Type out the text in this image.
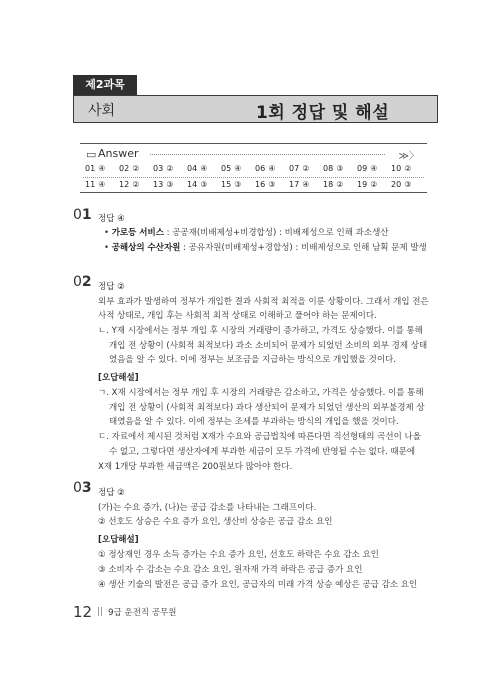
제2과목
사회	1회 정답 및 해설
▭ Answer	≫〉
01 ④ 02 ② 03 ② 04 ④ 05 ④ 06 ④ 07 ② 08 ③ 09 ④ 10 ②
11 ④ 12 ② 13 ③ 14 ③ 15 ③ 16 ③ 17 ④ 18 ② 19 ② 20 ③
01 정답 ④
• 가로등 서비스 : 공공재(비배제성+비경합성) : 비배제성으로 인해 과소생산
• 공해상의 수산자원 : 공유자원(비배제성+경합성) : 비배제성으로 인해 남획 문제 발생
02 정답 ②
외부 효과가 발생하여 정부가 개입한 결과 사회적 최적을 이룬 상황이다. 그래서 개입 전은
사적 상태로, 개입 후는 사회적 최적 상태로 이해하고 풀어야 하는 문제이다.
ㄴ. Y재 시장에서는 정부 개입 후 시장의 거래량이 증가하고, 가격도 상승했다. 이를 통해
개입 전 상황이 (사회적 최적보다) 과소 소비되어 문제가 되었던 소비의 외부 경제 상태
였음을 알 수 있다. 이에 정부는 보조금을 지급하는 방식으로 개입했을 것이다.
[오답해설]
ㄱ. X재 시장에서는 정부 개입 후 시장의 거래량은 감소하고, 가격은 상승했다. 이를 통해
개입 전 상황이 (사회적 최적보다) 과다 생산되어 문제가 되었던 생산의 외부불경제 상
태였음을 알 수 있다. 이에 정부는 조세를 부과하는 방식의 개입을 했을 것이다.
ㄷ. 자료에서 제시된 것처럼 X재가 수요와 공급법칙에 따른다면 직선형태의 곡선이 나올
수 없고, 그렇다면 생산자에게 부과한 세금이 모두 가격에 반영될 수는 없다. 때문에
X재 1개당 부과한 세금액은 200원보다 많아야 한다.
03 정답 ②
(가)는 수요 증가, (나)는 공급 감소를 나타내는 그래프이다.
② 선호도 상승은 수요 증가 요인, 생산비 상승은 공급 감소 요인
[오답해설]
① 정상재인 경우 소득 증가는 수요 증가 요인, 선호도 하락은 수요 감소 요인
③ 소비자 수 감소는 수요 감소 요인, 원자재 가격 하락은 공급 증가 요인
④ 생산 기술의 발전은 공급 증가 요인, 공급자의 미래 가격 상승 예상은 공급 감소 요인
12 || 9급 운전직 공무원
